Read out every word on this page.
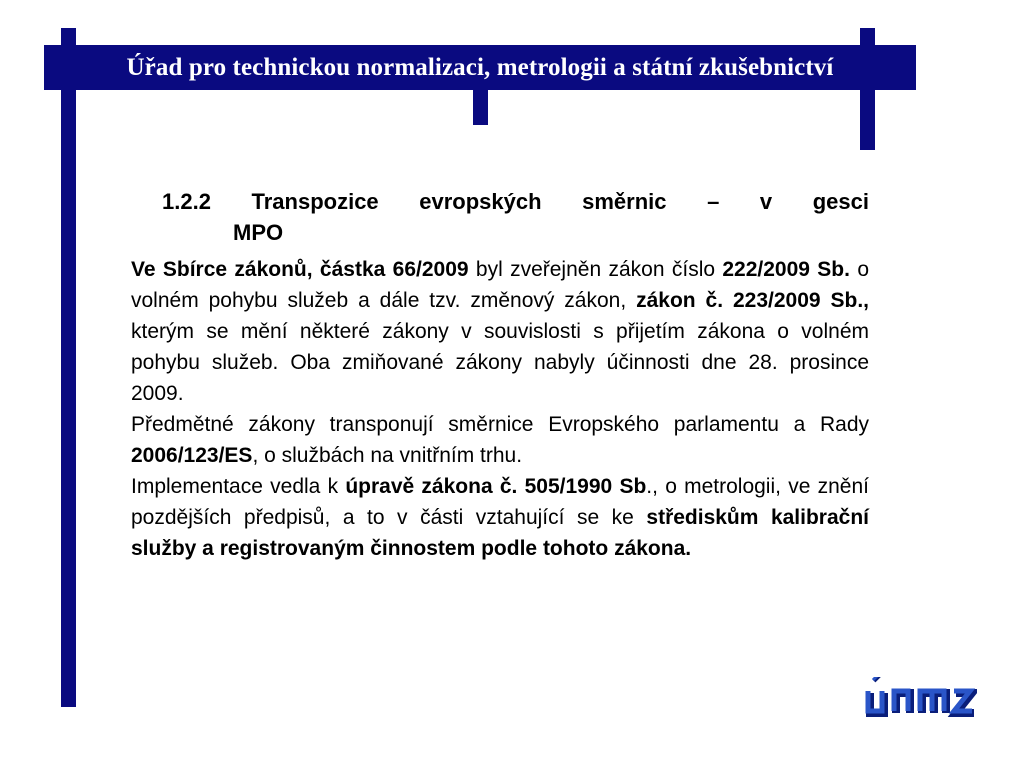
Úřad pro technickou normalizaci, metrologii a státní zkušebnictví
1.2.2 Transpozice evropských směrnic – v gesci
MPO

Ve Sbírce zákonů, částka 66/2009 byl zveřejněn zákon číslo 222/2009 Sb. o volném pohybu služeb a dále tzv. změnový zákon, zákon č. 223/2009 Sb., kterým se mění některé zákony v souvislosti s přijetím zákona o volném pohybu služeb. Oba zmiňované zákony nabyly účinnosti dne 28. prosince 2009.

Předmětné zákony transponují směrnice Evropského parlamentu a Rady 2006/123/ES, o službách na vnitřním trhu.

Implementace vedla k úpravě zákona č. 505/1990 Sb., o metrologii, ve znění pozdějších předpisů, a to v části vztahující se ke střediskům kalibrační služby a registrovaným činnostem podle tohoto zákona.
